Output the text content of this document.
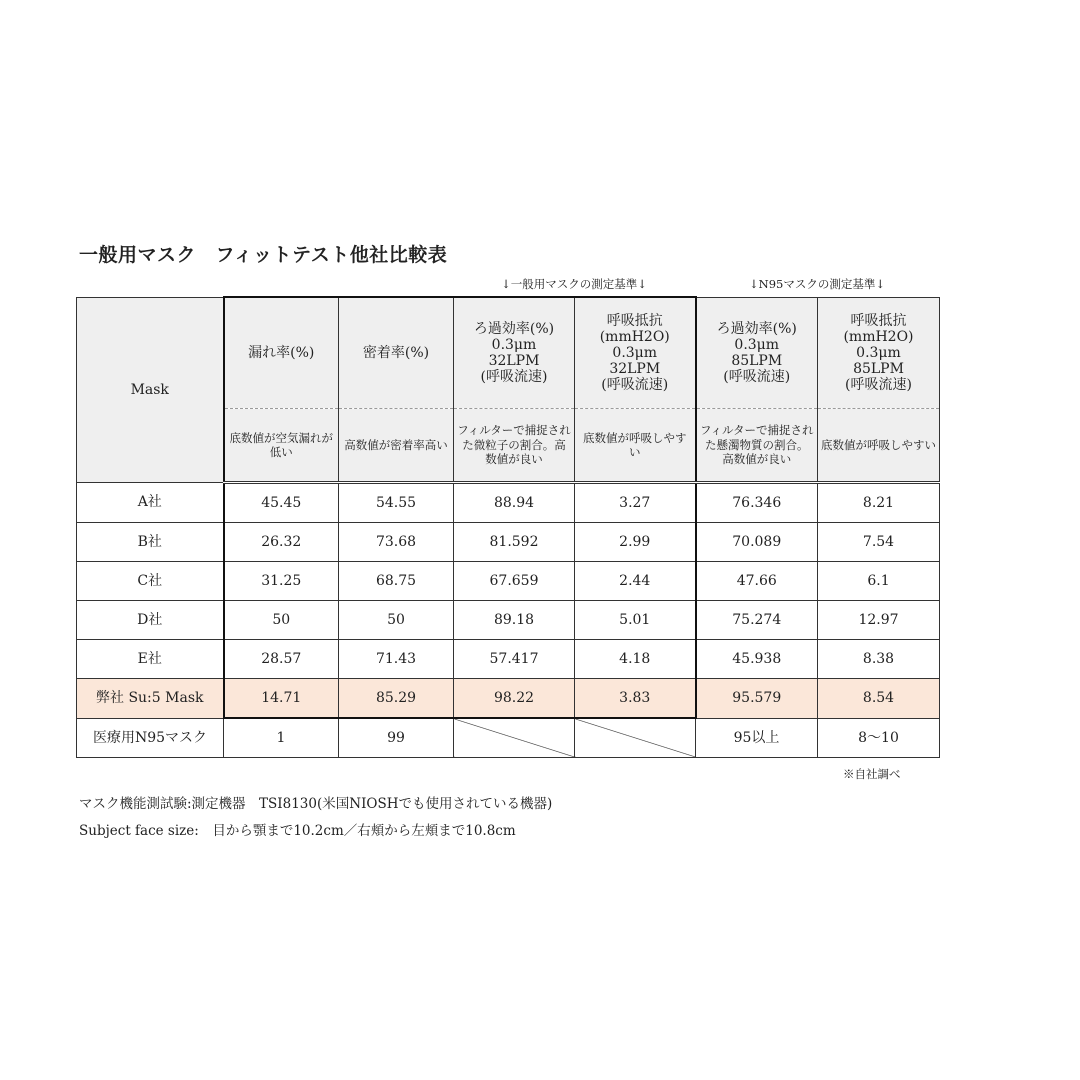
一般用マスク　フィットテスト他社比較表
↓一般用マスクの測定基準↓	↓N95マスクの測定基準↓
Mask	漏れ率(%)	密着率(%)	ろ過効率(%)
0.3μm
32LPM
(呼吸流速)	呼吸抵抗
(mmH2O)
0.3μm
32LPM
(呼吸流速)	ろ過効率(%)
0.3μm
85LPM
(呼吸流速)	呼吸抵抗
(mmH2O)
0.3μm
85LPM
(呼吸流速)
	底数値が空気漏れが低い	高数値が密着率高い	フィルターで捕捉された微粒子の割合。高数値が良い	底数値が呼吸しやすい	フィルターで捕捉された懸濁物質の割合。高数値が良い	底数値が呼吸しやすい
A社	45.45	54.55	88.94	3.27	76.346	8.21
B社	26.32	73.68	81.592	2.99	70.089	7.54
C社	31.25	68.75	67.659	2.44	47.66	6.1
D社	50	50	89.18	5.01	75.274	12.97
E社	28.57	71.43	57.417	4.18	45.938	8.38
弊社 Su:5 Mask	14.71	85.29	98.22	3.83	95.579	8.54
医療用N95マスク	1	99			95以上	8〜10
※自社調べ
マスク機能測試験:測定機器　TSI8130(米国NIOSHでも使用されている機器)
Subject face size:　目から顎まで10.2cm／右頬から左頬まで10.8cm
